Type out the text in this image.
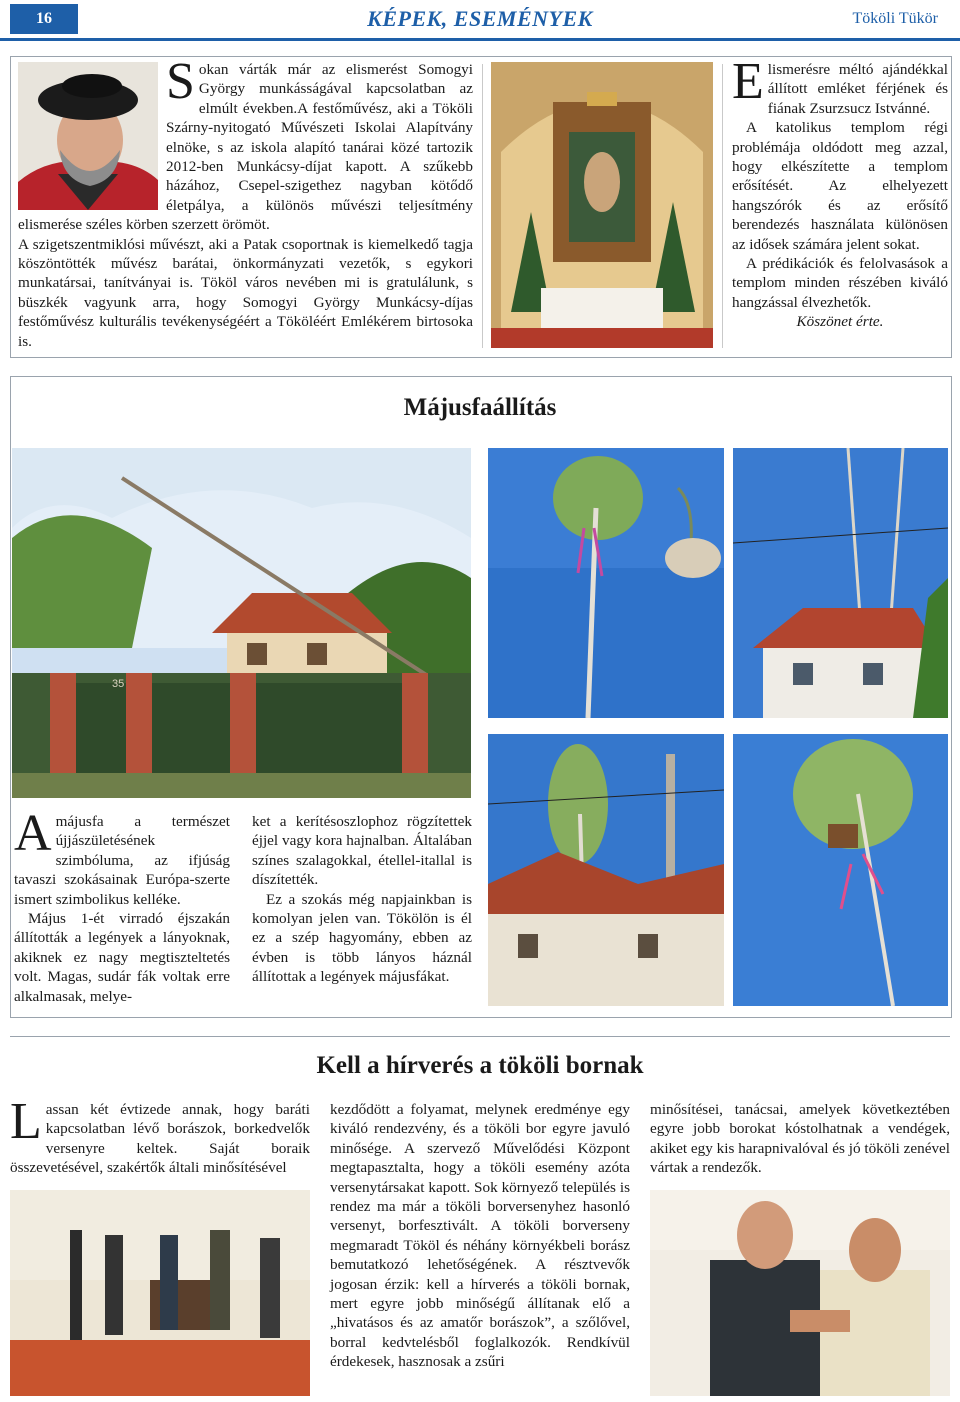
16	KÉPEK, ESEMÉNYEK	Tököli Tükör

Sokan várták már az elismerést Somogyi György munkásságával kapcsolatban az elmúlt években.A festőművész, aki a Tököli Szárny-nyitogató Művészeti Iskolai Alapítvány elnöke, s az iskola alapító tanárai közé tartozik 2012-ben Munkácsy-díjat kapott. A szűkebb házához, Csepel-szigethez nagyban kötődő életpálya, a különös művészi teljesítmény elismerése széles körben szerzett örömöt.

A szigetszentmiklósi művészt, aki a Patak csoportnak is kiemelkedő tagja köszöntötték művész barátai, önkormányzati vezetők, s egykori munkatársai, tanítványai is. Tököl város nevében mi is gratulálunk, s büszkék vagyunk arra, hogy Somogyi György Munkácsy-díjas festőművész kulturális tevékenységéért a Tököléért Emlékérem birtosoka is.

Elismerésre méltó ajándékkal állított emléket férjének és fiának Zsurzsucz Istvánné.

A katolikus templom régi problémája oldódott meg azzal, hogy elkészítette a templom erősítését. Az elhelyezett hangszórók és az erősítő berendezés használata különösen az idősek számára jelent sokat.

A prédikációk és felolvasások a templom minden részében kiváló hangzással élvezhetők.

Köszönet érte.

Májusfaállítás
35

A májusfa a természet újjászületésének szimbóluma, az ifjúság tavaszi szokásainak Európa-szerte ismert szimbolikus kelléke.

Május 1-ét virradó éjszakán állították a legények a lányoknak, akiknek ez nagy megtiszteltetés volt. Magas, sudár fák voltak erre alkalmasak, melye-

ket a kerítésoszlophoz rögzítettek éjjel vagy kora hajnalban. Általában színes szalagokkal, étellel-itallal is díszítették.

Ez a szokás még napjainkban is komolyan jelen van. Tökölön is él ez a szép hagyomány, ebben az évben is több lányos háznál állítottak a legények májusfákat.

Kell a hírverés a tököli bornak

Lassan két évtizede annak, hogy baráti kapcsolatban lévő borászok, borkedvelők versenyre keltek. Saját boraik összevetésével, szakértők általi minősítésével

kezdődött a folyamat, melynek eredménye egy kiváló rendezvény, és a tököli bor egyre javuló minősége. A szervező Művelődési Központ megtapasztalta, hogy a tököli esemény azóta versenytársakat kapott. Sok környező település is rendez ma már a tököli borversenyhez hasonló versenyt, borfesztivált. A tököli borverseny megmaradt Tököl és néhány környékbeli borász bemutatkozó lehetőségének. A résztvevők jogosan érzik: kell a hírverés a tököli bornak, mert egyre jobb minőségű állítanak elő a „hivatásos és az amatőr borászok”, a szőlővel, borral kedvtelésből foglalkozók. Rendkívül érdekesek, hasznosak a zsűri

minősítései, tanácsai, amelyek következtében egyre jobb borokat kóstolhatnak a vendégek, akiket egy kis harapnivalóval és jó tököli zenével vártak a rendezők.
